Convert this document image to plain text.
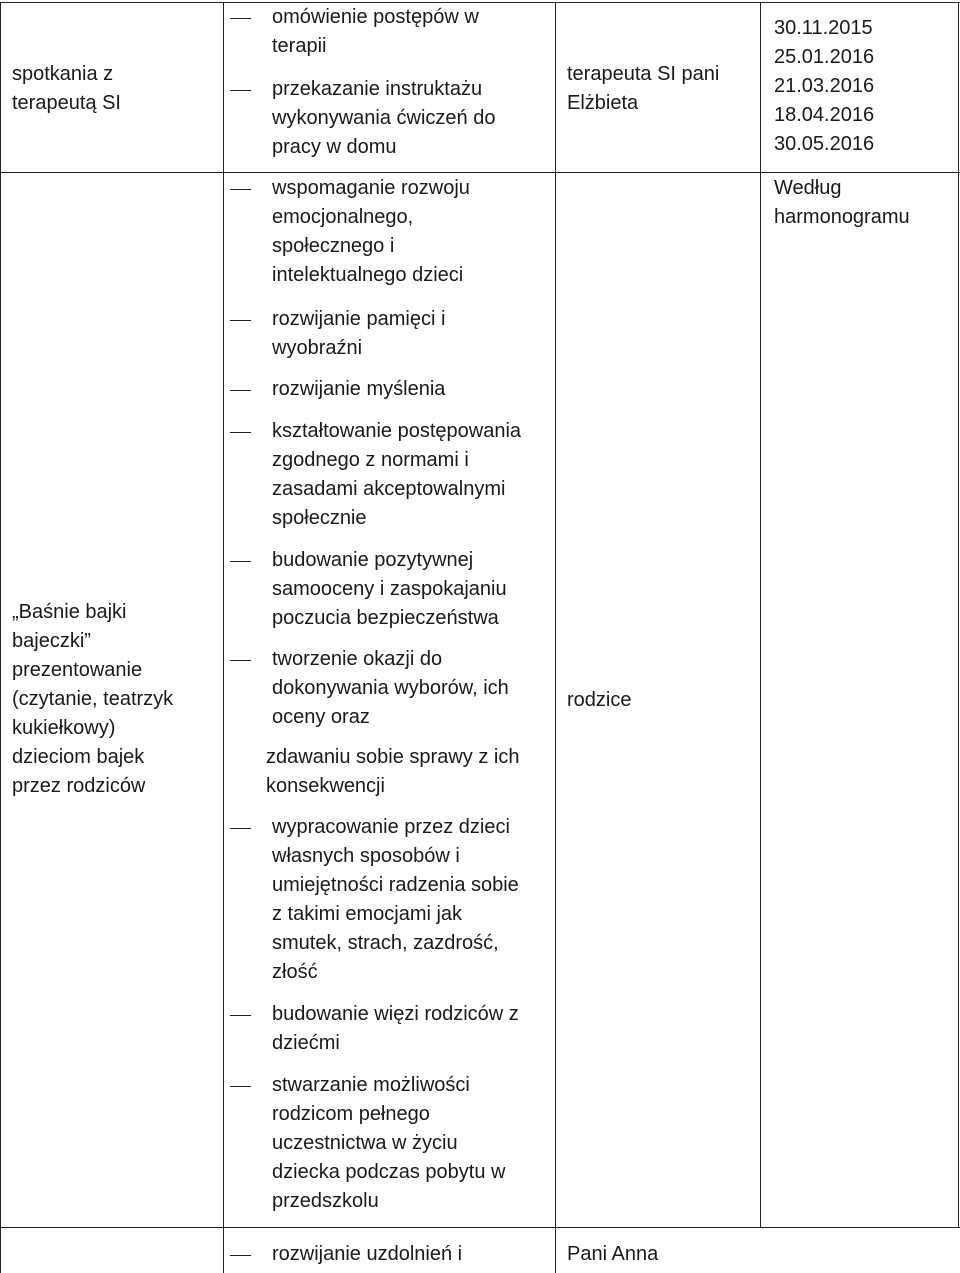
spotkania z
terapeutą SI
omówienie postępów w
terapii
przekazanie instruktażu
wykonywania ćwiczeń do
pracy w domu
terapeuta SI pani
Elżbieta
30.11.2015
25.01.2016
21.03.2016
18.04.2016
30.05.2016
„Baśnie bajki
bajeczki”
prezentowanie
(czytanie, teatrzyk
kukiełkowy)
dzieciom bajek
przez rodziców
wspomaganie rozwoju
emocjonalnego,
społecznego i
intelektualnego dzieci
rozwijanie pamięci i
wyobraźni
rozwijanie myślenia
kształtowanie postępowania
zgodnego z normami i
zasadami akceptowalnymi
społecznie
budowanie pozytywnej
samooceny i zaspokajaniu
poczucia bezpieczeństwa
tworzenie okazji do
dokonywania wyborów, ich
oceny oraz
zdawaniu sobie sprawy z ich
konsekwencji
wypracowanie przez dzieci
własnych sposobów i
umiejętności radzenia sobie
z takimi emocjami jak
smutek, strach, zazdrość,
złość
budowanie więzi rodziców z
dziećmi
stwarzanie możliwości
rodzicom pełnego
uczestnictwa w życiu
dziecka podczas pobytu w
przedszkolu
rodzice
Według
harmonogramu
rozwijanie uzdolnień i	Pani Anna
